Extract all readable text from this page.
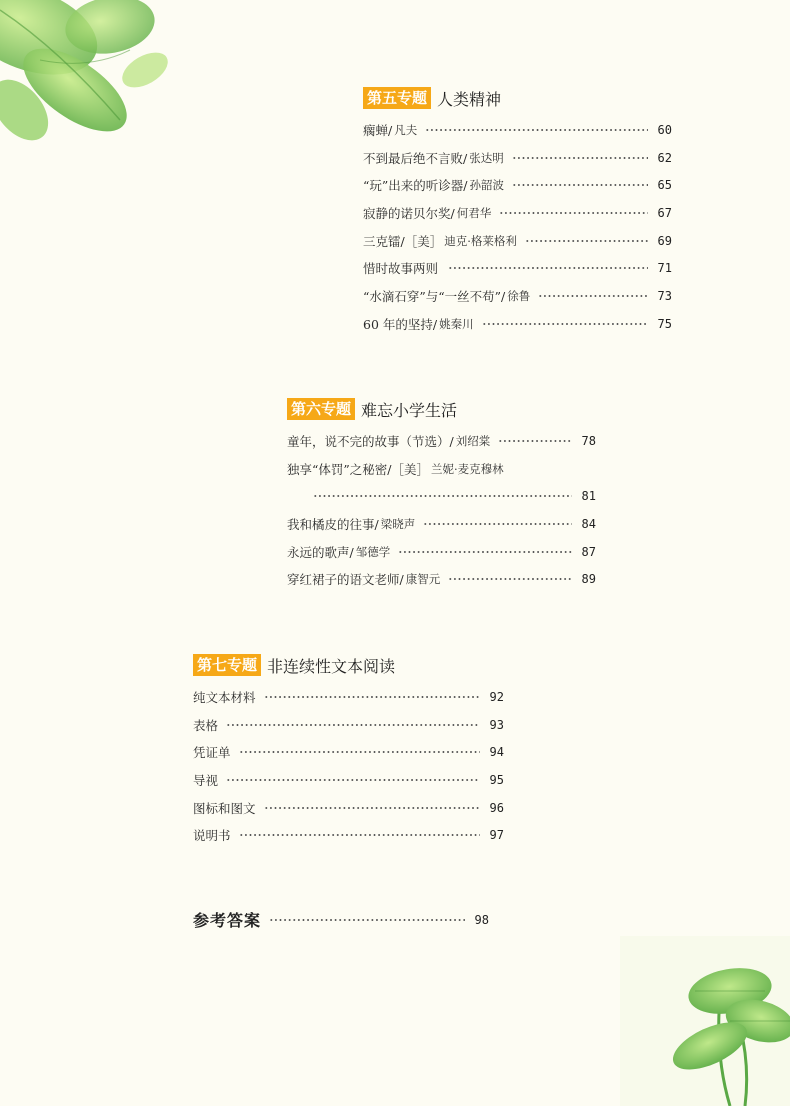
第五专题 人类精神
瘸蝉/ 凡夫	60
不到最后绝不言败/ 张达明	62
“玩”出来的听诊器/ 孙韶波	65
寂静的诺贝尔奖/ 何君华	67
三克镭/［美］ 迪克·格莱格利	69
惜时故事两则	71
“水滴石穿”与“一丝不苟”/ 徐鲁	73
60 年的坚持/ 姚秦川	75
第六专题 难忘小学生活
童年，说不完的故事（节选）/ 刘绍棠	78
独享“体罚”之秘密/［美］ 兰妮·麦克穆林
81
我和橘皮的往事/ 梁晓声	84
永远的歌声/ 邹德学	87
穿红裙子的语文老师/ 康智元	89
第七专题 非连续性文本阅读
纯文本材料	92
表格	93
凭证单	94
导视	95
图标和图文	96
说明书	97
参考答案	98
